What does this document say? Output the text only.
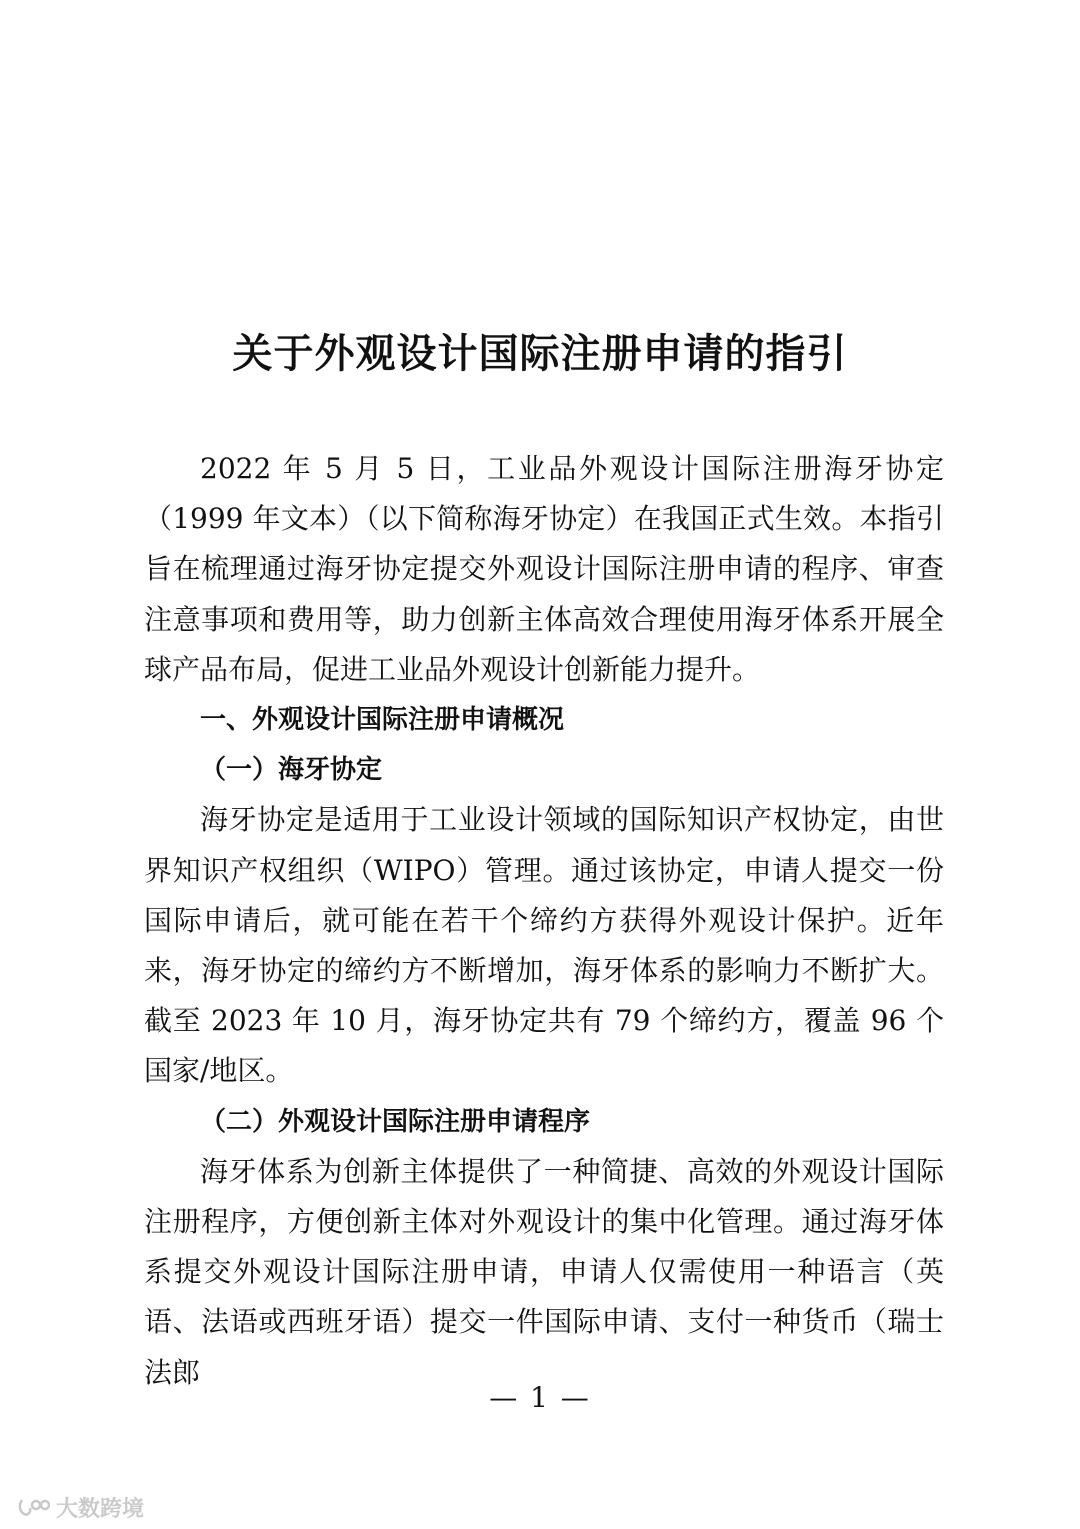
关于外观设计国际注册申请的指引

2022 年 5 月 5 日，工业品外观设计国际注册海牙协定（1999 年文本）（以下简称海牙协定）在我国正式生效。本指引旨在梳理通过海牙协定提交外观设计国际注册申请的程序、审查注意事项和费用等，助力创新主体高效合理使用海牙体系开展全球产品布局，促进工业品外观设计创新能力提升。

一、外观设计国际注册申请概况

（一）海牙协定

海牙协定是适用于工业设计领域的国际知识产权协定，由世界知识产权组织（WIPO）管理。通过该协定，申请人提交一份国际申请后，就可能在若干个缔约方获得外观设计保护。近年来，海牙协定的缔约方不断增加，海牙体系的影响力不断扩大。截至 2023 年 10 月，海牙协定共有 79 个缔约方，覆盖 96 个国家/地区。

（二）外观设计国际注册申请程序

海牙体系为创新主体提供了一种简捷、高效的外观设计国际注册程序，方便创新主体对外观设计的集中化管理。通过海牙体系提交外观设计国际注册申请，申请人仅需使用一种语言（英语、法语或西班牙语）提交一件国际申请、支付一种货币（瑞士法郎

— 1 —
大数跨境
